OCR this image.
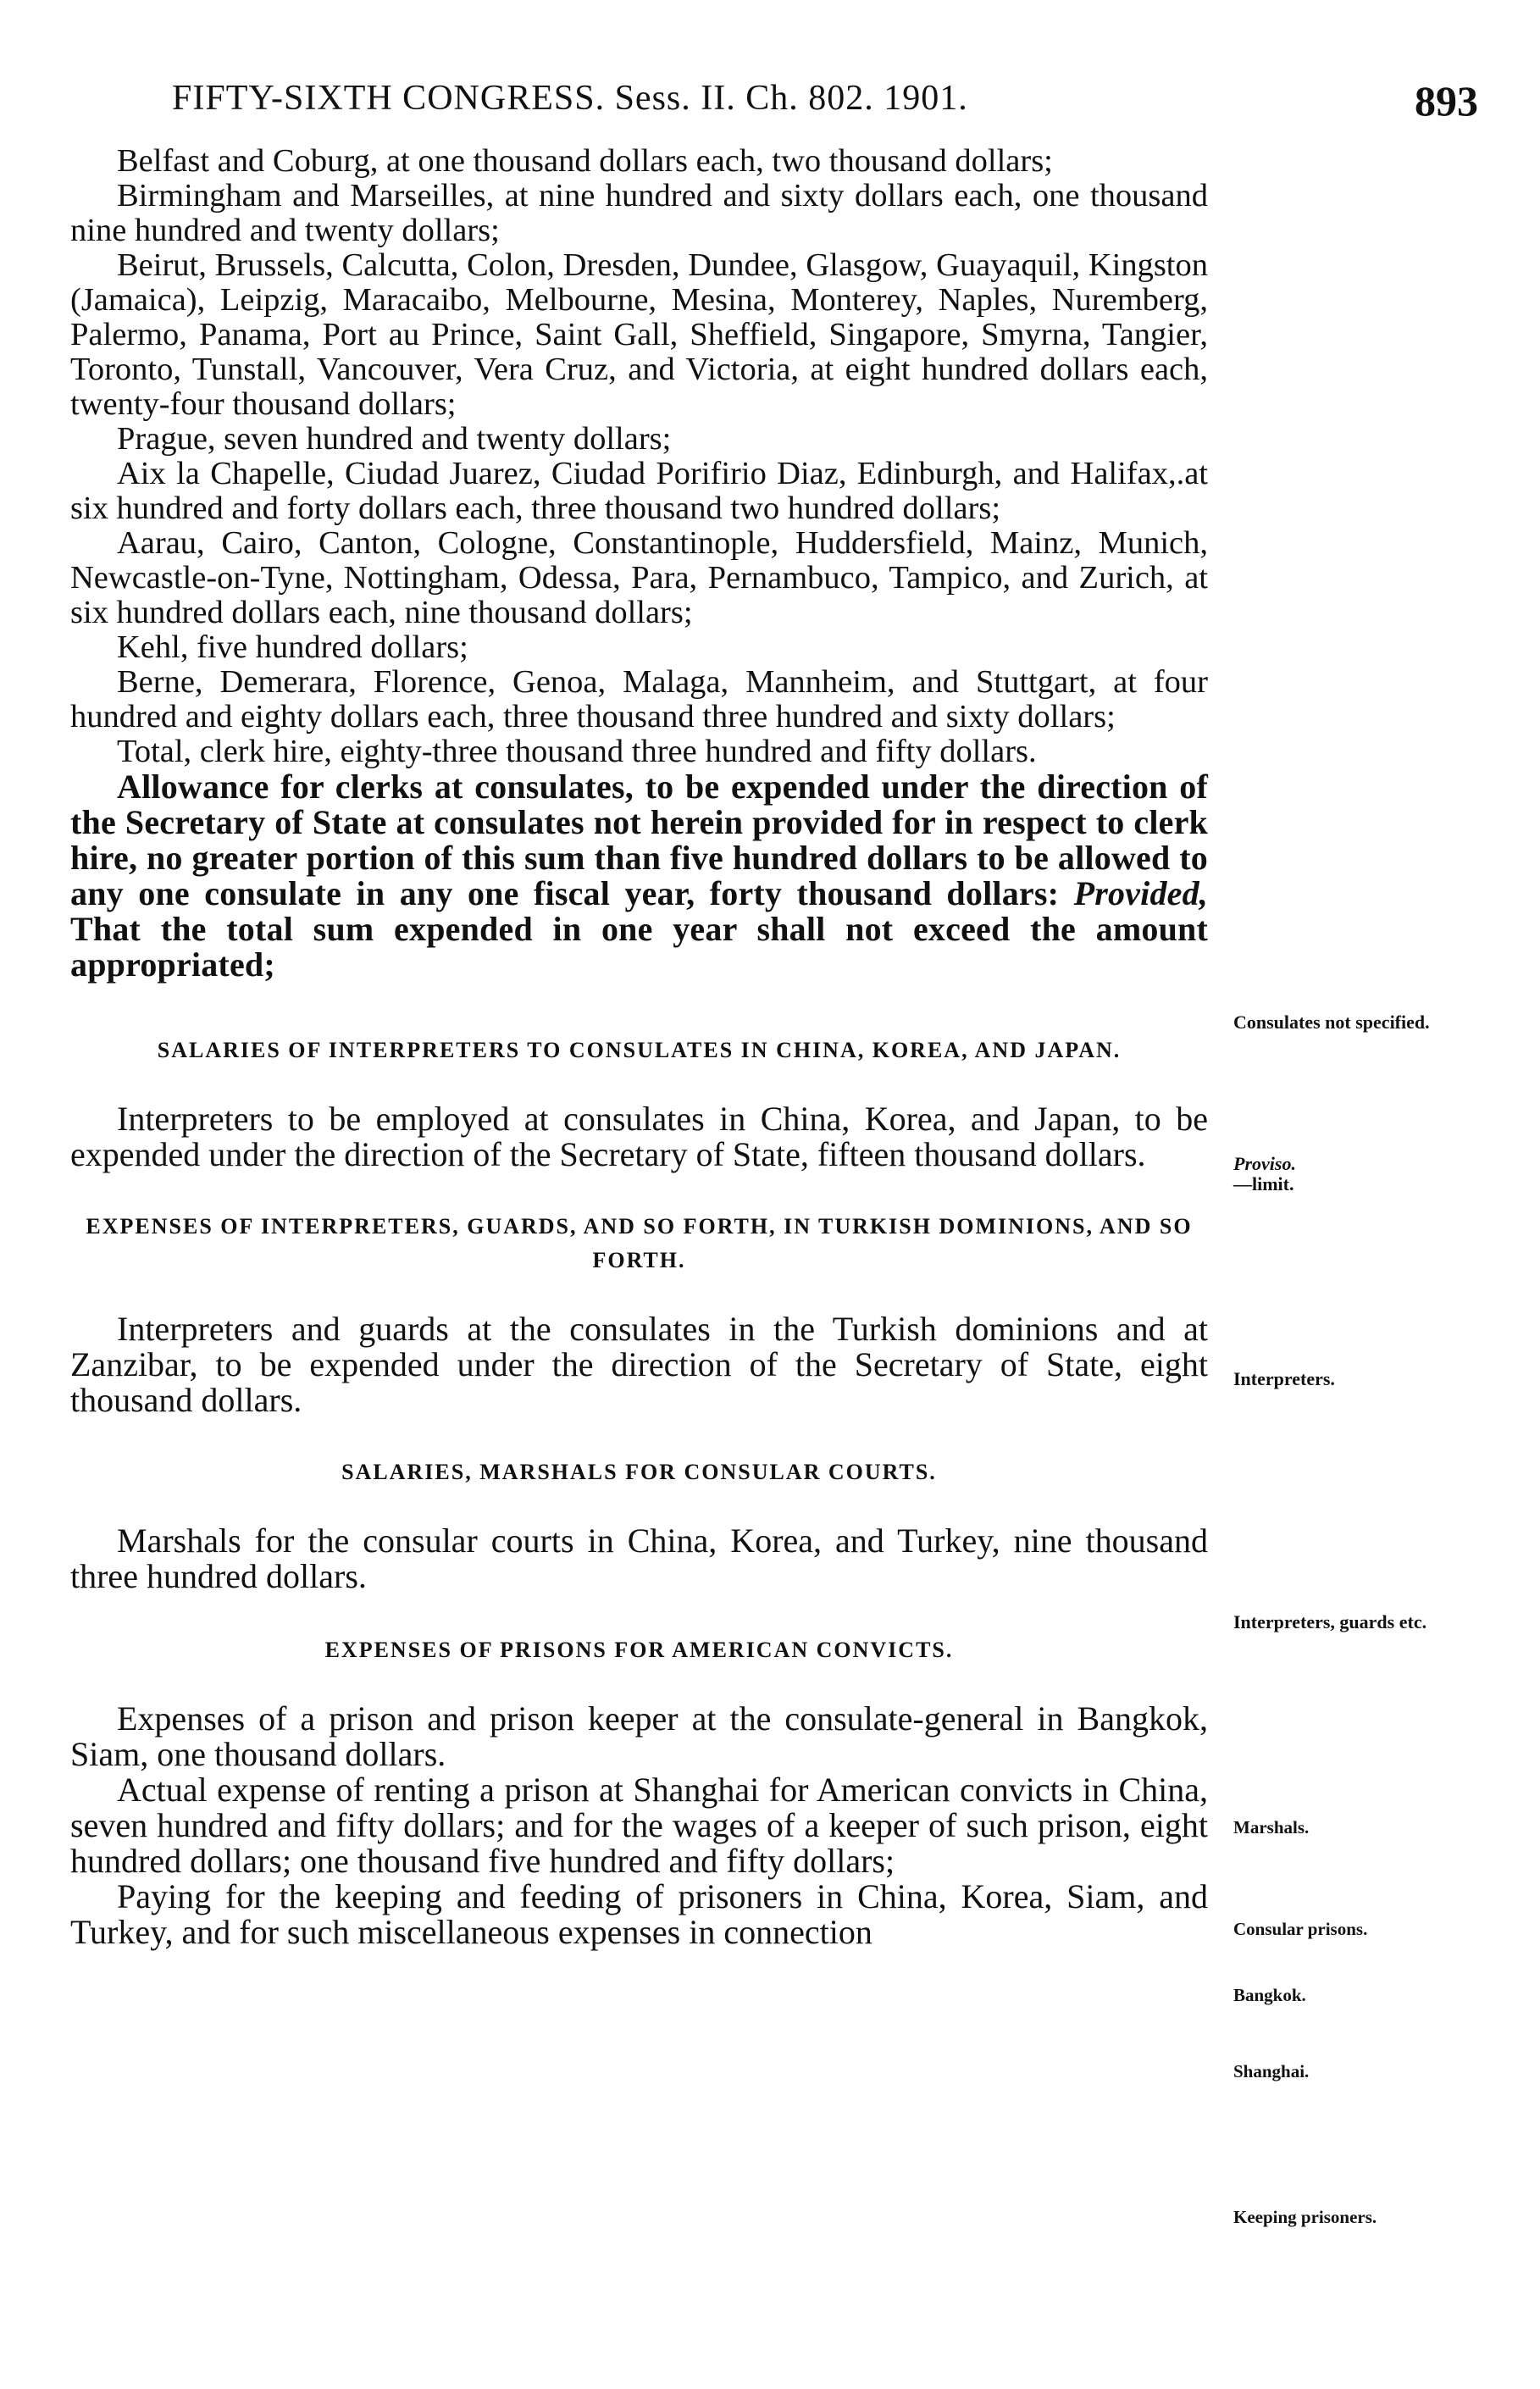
FIFTY-SIXTH CONGRESS. Sess. II. Ch. 802. 1901.	893

Belfast and Coburg, at one thousand dollars each, two thousand dollars;

Birmingham and Marseilles, at nine hundred and sixty dollars each, one thousand nine hundred and twenty dollars;

Beirut, Brussels, Calcutta, Colon, Dresden, Dundee, Glasgow, Guayaquil, Kingston (Jamaica), Leipzig, Maracaibo, Melbourne, Mesina, Monterey, Naples, Nuremberg, Palermo, Panama, Port au Prince, Saint Gall, Sheffield, Singapore, Smyrna, Tangier, Toronto, Tunstall, Vancouver, Vera Cruz, and Victoria, at eight hundred dollars each, twenty-four thousand dollars;

Prague, seven hundred and twenty dollars;

Aix la Chapelle, Ciudad Juarez, Ciudad Porifirio Diaz, Edinburgh, and Halifax,.at six hundred and forty dollars each, three thousand two hundred dollars;

Aarau, Cairo, Canton, Cologne, Constantinople, Huddersfield, Mainz, Munich, Newcastle-on-Tyne, Nottingham, Odessa, Para, Pernambuco, Tampico, and Zurich, at six hundred dollars each, nine thousand dollars;

Kehl, five hundred dollars;

Berne, Demerara, Florence, Genoa, Malaga, Mannheim, and Stuttgart, at four hundred and eighty dollars each, three thousand three hundred and sixty dollars;

Total, clerk hire, eighty-three thousand three hundred and fifty dollars.

Allowance for clerks at consulates, to be expended under the direction of the Secretary of State at consulates not herein provided for in respect to clerk hire, no greater portion of this sum than five hundred dollars to be allowed to any one consulate in any one fiscal year, forty thousand dollars: Provided, That the total sum expended in one year shall not exceed the amount appropriated;

SALARIES OF INTERPRETERS TO CONSULATES IN CHINA, KOREA, AND JAPAN.

Interpreters to be employed at consulates in China, Korea, and Japan, to be expended under the direction of the Secretary of State, fifteen thousand dollars.

EXPENSES OF INTERPRETERS, GUARDS, AND SO FORTH, IN TURKISH DOMINIONS, AND SO FORTH.

Interpreters and guards at the consulates in the Turkish dominions and at Zanzibar, to be expended under the direction of the Secretary of State, eight thousand dollars.

SALARIES, MARSHALS FOR CONSULAR COURTS.

Marshals for the consular courts in China, Korea, and Turkey, nine thousand three hundred dollars.

EXPENSES OF PRISONS FOR AMERICAN CONVICTS.

Expenses of a prison and prison keeper at the consulate-general in Bangkok, Siam, one thousand dollars.

Actual expense of renting a prison at Shanghai for American convicts in China, seven hundred and fifty dollars; and for the wages of a keeper of such prison, eight hundred dollars; one thousand five hundred and fifty dollars;

Paying for the keeping and feeding of prisoners in China, Korea, Siam, and Turkey, and for such miscellaneous expenses in connection

Consulates not specified.
Proviso.
—limit.
Interpreters.
Interpreters, guards etc.
Marshals.
Consular prisons.
Bangkok.
Shanghai.
Keeping prisoners.
